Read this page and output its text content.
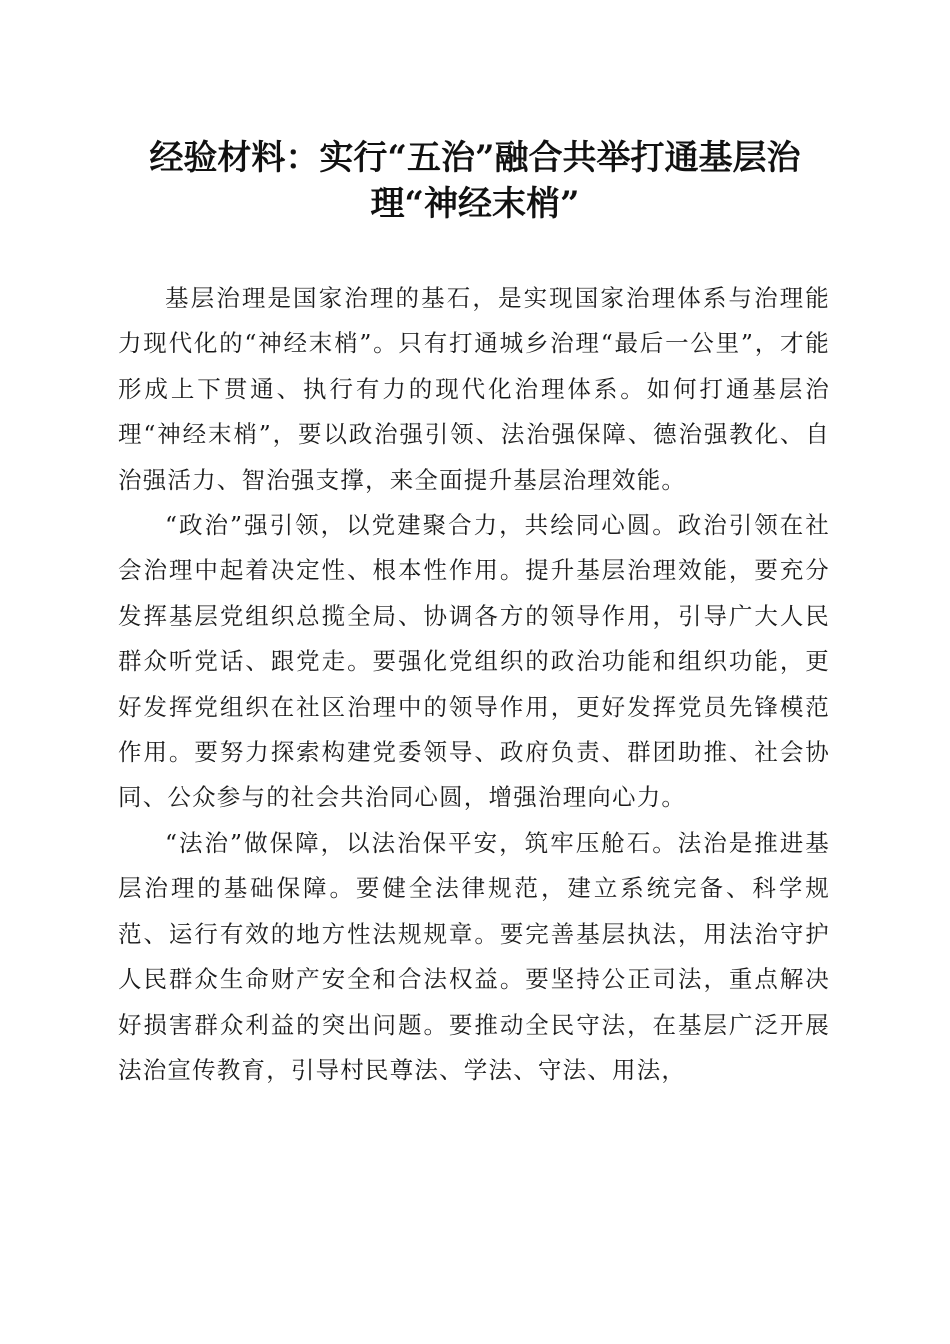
经验材料：实行“五治”融合共举打通基层治理“神经末梢”

基层治理是国家治理的基石，是实现国家治理体系与治理能力现代化的“神经末梢”。只有打通城乡治理“最后一公里”，才能形成上下贯通、执行有力的现代化治理体系。如何打通基层治理“神经末梢”，要以政治强引领、法治强保障、德治强教化、自治强活力、智治强支撑，来全面提升基层治理效能。

“政治”强引领，以党建聚合力，共绘同心圆。政治引领在社会治理中起着决定性、根本性作用。提升基层治理效能，要充分发挥基层党组织总揽全局、协调各方的领导作用，引导广大人民群众听党话、跟党走。要强化党组织的政治功能和组织功能，更好发挥党组织在社区治理中的领导作用，更好发挥党员先锋模范作用。要努力探索构建党委领导、政府负责、群团助推、社会协同、公众参与的社会共治同心圆，增强治理向心力。

“法治”做保障，以法治保平安，筑牢压舱石。法治是推进基层治理的基础保障。要健全法律规范，建立系统完备、科学规范、运行有效的地方性法规规章。要完善基层执法，用法治守护人民群众生命财产安全和合法权益。要坚持公正司法，重点解决好损害群众利益的突出问题。要推动全民守法，在基层广泛开展法治宣传教育，引导村民尊法、学法、守法、用法，
